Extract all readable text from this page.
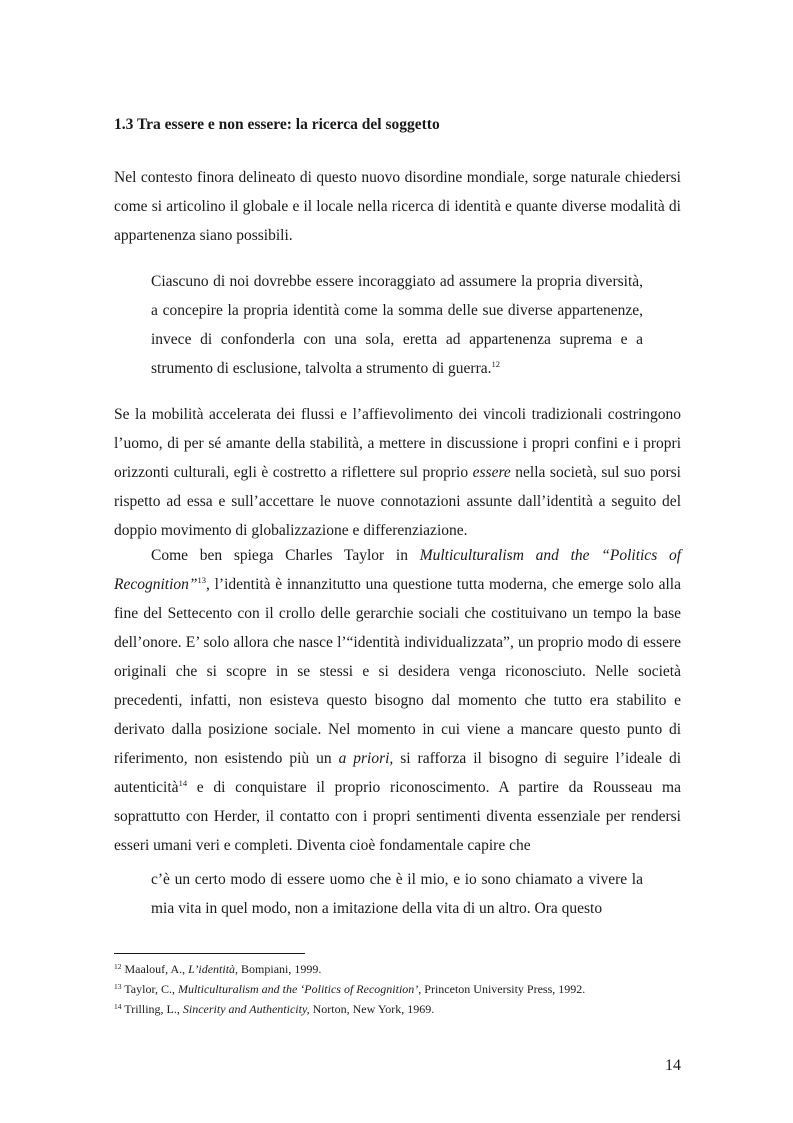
1.3 Tra essere e non essere: la ricerca del soggetto

Nel contesto finora delineato di questo nuovo disordine mondiale, sorge naturale chiedersi come si articolino il globale e il locale nella ricerca di identità e quante diverse modalità di appartenenza siano possibili.

Ciascuno di noi dovrebbe essere incoraggiato ad assumere la propria diversità, a concepire la propria identità come la somma delle sue diverse appartenenze, invece di confonderla con una sola, eretta ad appartenenza suprema e a strumento di esclusione, talvolta a strumento di guerra.$^{12}$

Se la mobilità accelerata dei flussi e l’affievolimento dei vincoli tradizionali costringono l’uomo, di per sé amante della stabilità, a mettere in discussione i propri confini e i propri orizzonti culturali, egli è costretto a riflettere sul proprio essere nella società, sul suo porsi rispetto ad essa e sull’accettare le nuove connotazioni assunte dall’identità a seguito del doppio movimento di globalizzazione e differenziazione.

Come ben spiega Charles Taylor in Multiculturalism and the “Politics of Recognition”$^{13}$, l’identità è innanzitutto una questione tutta moderna, che emerge solo alla fine del Settecento con il crollo delle gerarchie sociali che costituivano un tempo la base dell’onore. E’ solo allora che nasce l’“identità individualizzata”, un proprio modo di essere originali che si scopre in se stessi e si desidera venga riconosciuto. Nelle società precedenti, infatti, non esisteva questo bisogno dal momento che tutto era stabilito e derivato dalla posizione sociale. Nel momento in cui viene a mancare questo punto di riferimento, non esistendo più un a priori, si rafforza il bisogno di seguire l’ideale di autenticità$^{14}$ e di conquistare il proprio riconoscimento. A partire da Rousseau ma soprattutto con Herder, il contatto con i propri sentimenti diventa essenziale per rendersi esseri umani veri e completi. Diventa cioè fondamentale capire che

c’è un certo modo di essere uomo che è il mio, e io sono chiamato a vivere la mia vita in quel modo, non a imitazione della vita di un altro. Ora questo

$^{12}$ Maalouf, A., L’identità, Bompiani, 1999.
$^{13}$ Taylor, C., Multiculturalism and the ‘Politics of Recognition’, Princeton University Press, 1992.
$^{14}$ Trilling, L., Sincerity and Authenticity, Norton, New York, 1969.

14
